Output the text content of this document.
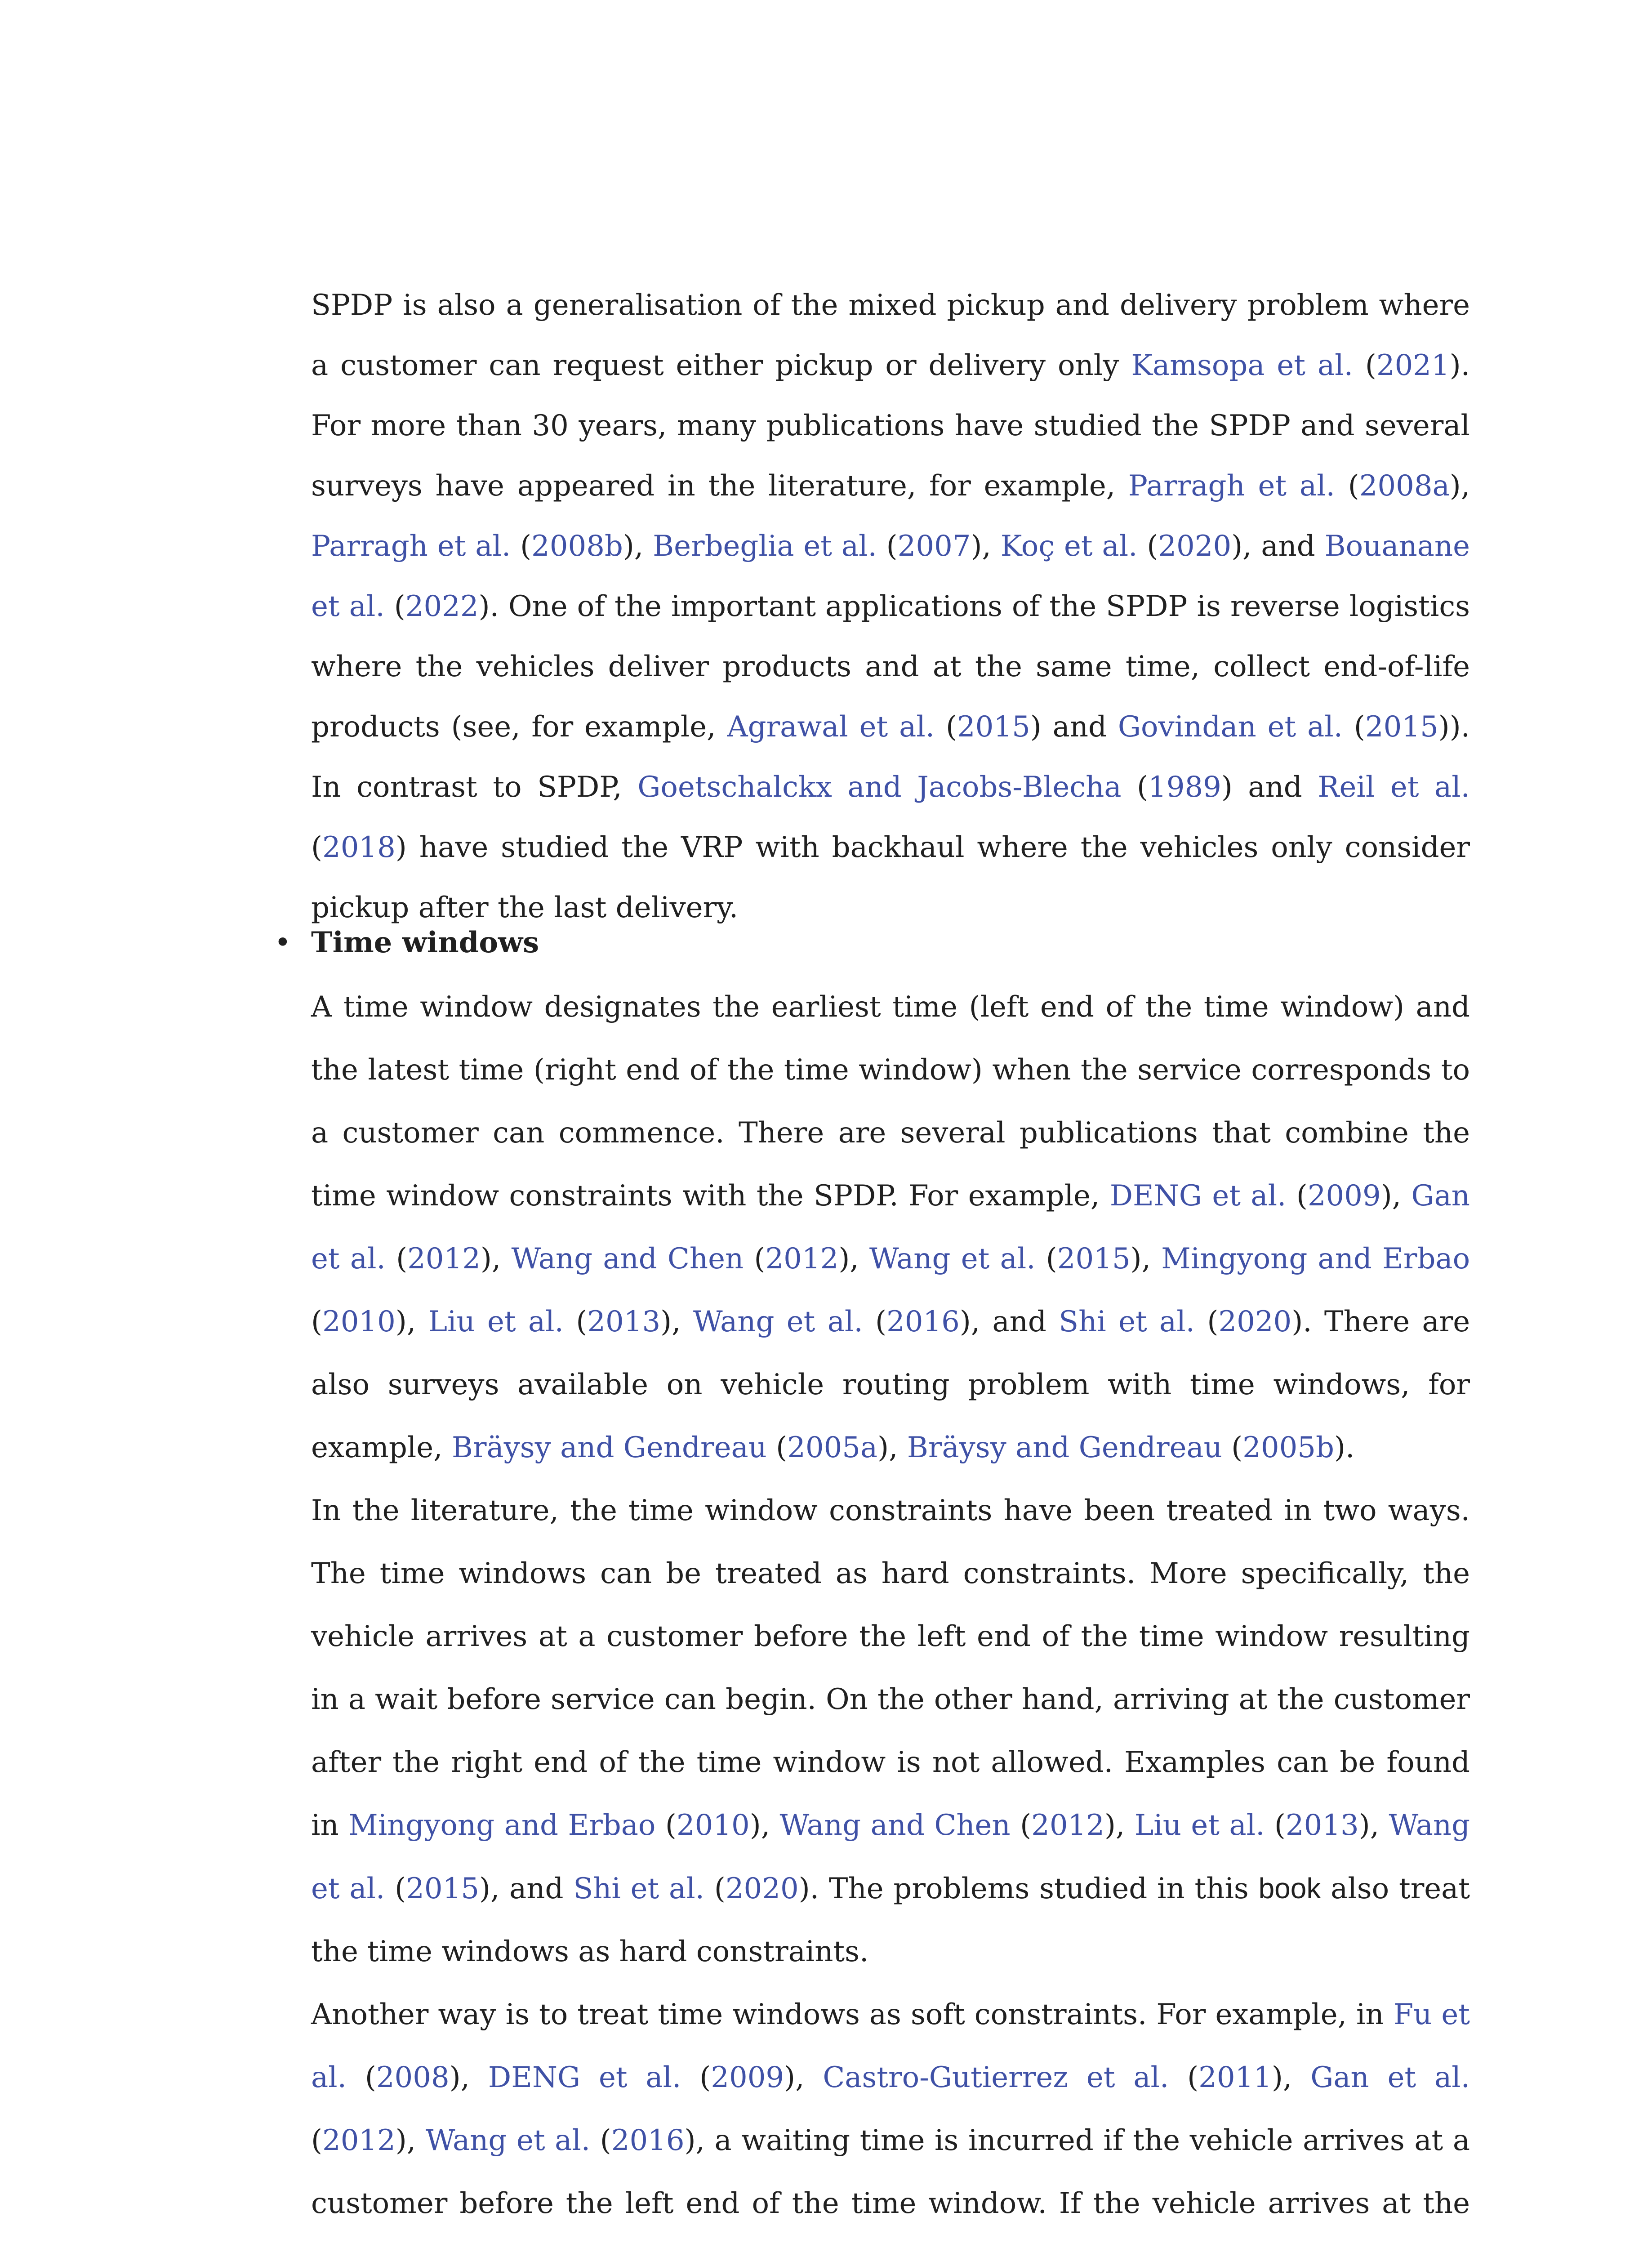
SPDP is also a generalisation of the mixed pickup and delivery problem where a customer can request either pickup or delivery only Kamsopa et al. (2021). For more than 30 years, many publications have studied the SPDP and several surveys have appeared in the literature, for example, Parragh et al. (2008a), Parragh et al. (2008b), Berbeglia et al. (2007), Koç et al. (2020), and Bouanane et al. (2022). One of the important applications of the SPDP is reverse logistics where the vehicles deliver products and at the same time, collect end-of-life products (see, for example, Agrawal et al. (2015) and Govindan et al. (2015)). In contrast to SPDP, Goetschalckx and Jacobs-Blecha (1989) and Reil et al. (2018) have studied the VRP with backhaul where the vehicles only consider pickup after the last delivery.

• Time windows

A time window designates the earliest time (left end of the time window) and the latest time (right end of the time window) when the service corresponds to a customer can commence. There are several publications that combine the time window constraints with the SPDP. For example, DENG et al. (2009), Gan et al. (2012), Wang and Chen (2012), Wang et al. (2015), Mingyong and Erbao (2010), Liu et al. (2013), Wang et al. (2016), and Shi et al. (2020). There are also surveys available on vehicle routing problem with time windows, for example, Bräysy and Gendreau (2005a), Bräysy and Gendreau (2005b).

In the literature, the time window constraints have been treated in two ways. The time windows can be treated as hard constraints. More specifically, the vehicle arrives at a customer before the left end of the time window resulting in a wait before service can begin. On the other hand, arriving at the customer after the right end of the time window is not allowed. Examples can be found in Mingyong and Erbao (2010), Wang and Chen (2012), Liu et al. (2013), Wang et al. (2015), and Shi et al. (2020). The problems studied in this book also treat the time windows as hard constraints.

Another way is to treat time windows as soft constraints. For example, in Fu et al. (2008), DENG et al. (2009), Castro-Gutierrez et al. (2011), Gan et al. (2012), Wang et al. (2016), a waiting time is incurred if the vehicle arrives at a customer before the left end of the time window. If the vehicle arrives at the
